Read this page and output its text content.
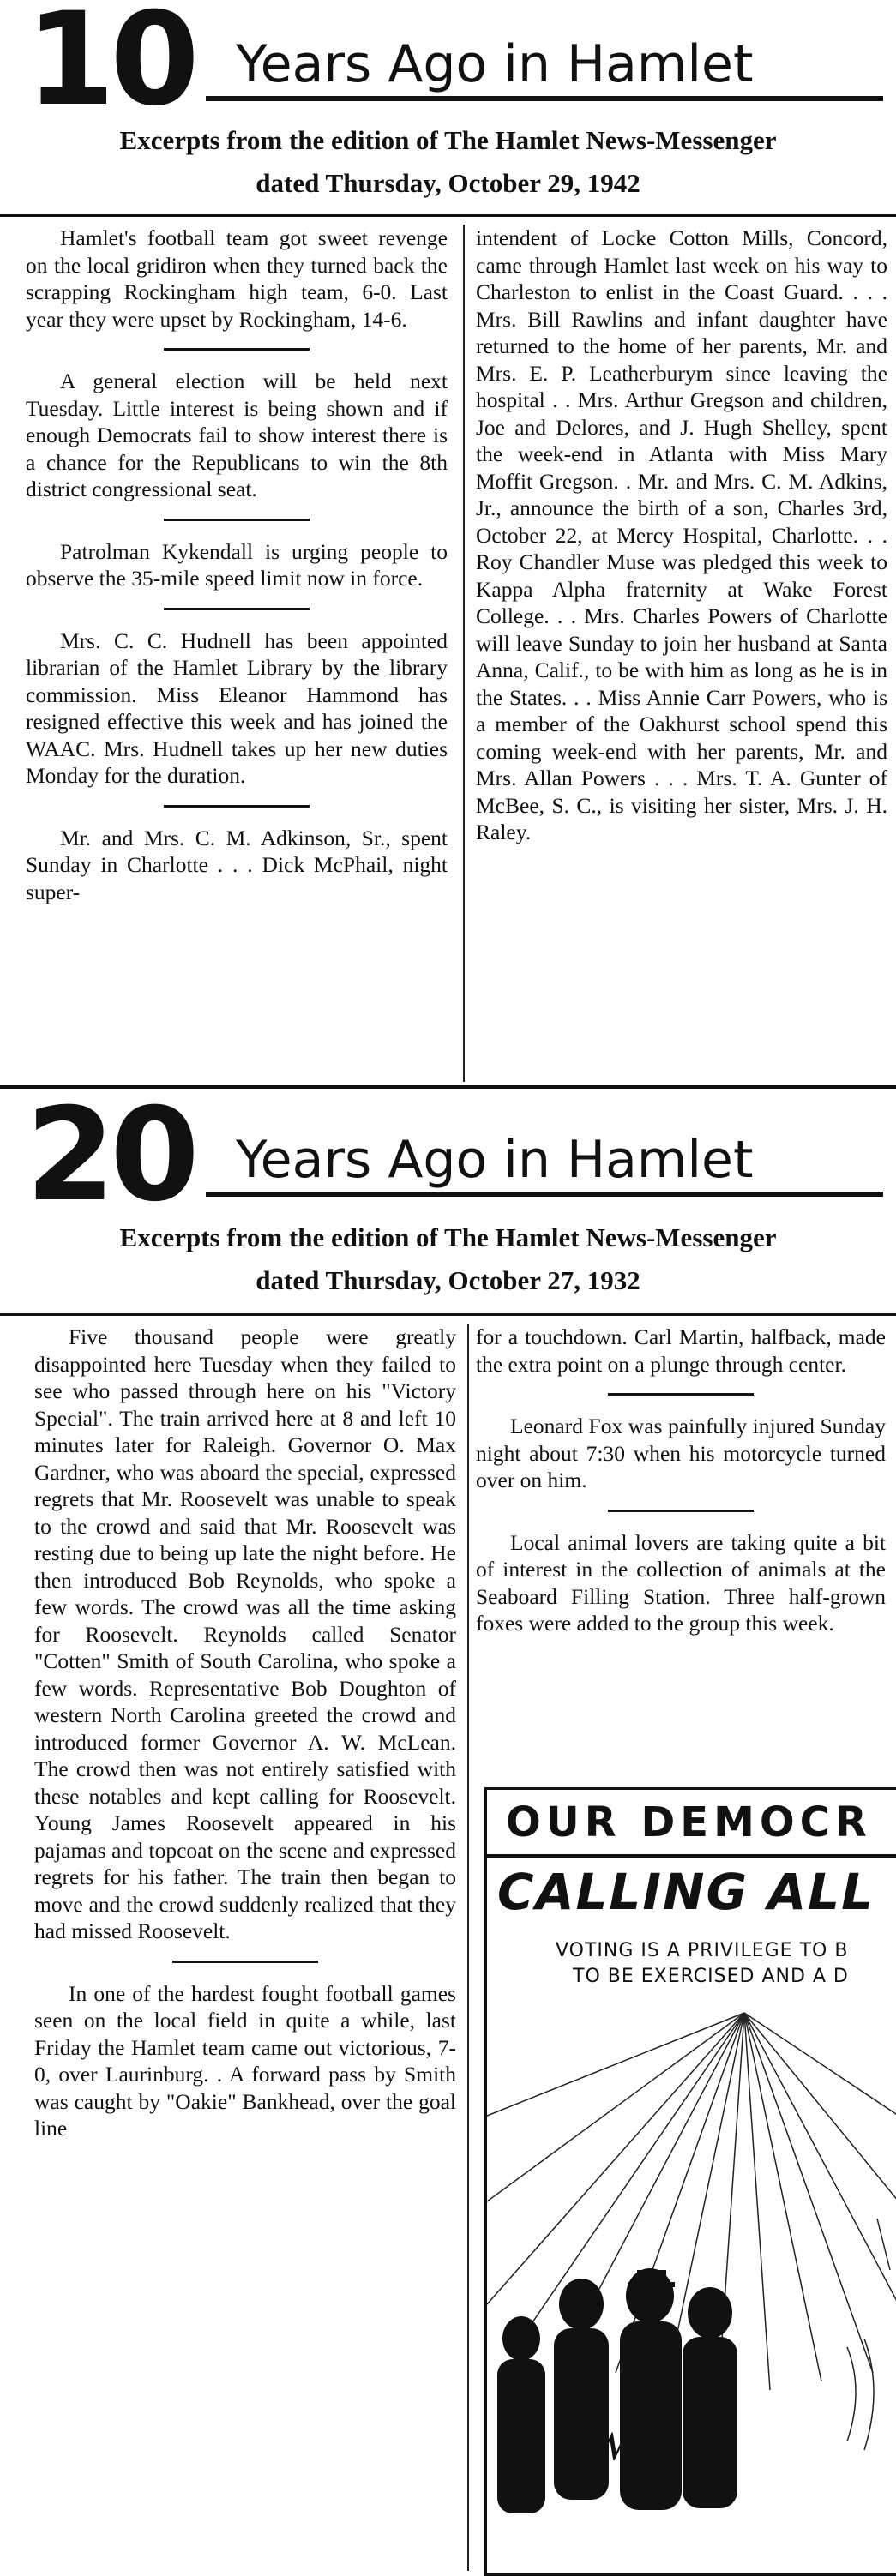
10 Years Ago in Hamlet
Excerpts from the edition of The Hamlet News-Messenger
dated Thursday, October 29, 1942

Hamlet's football team got sweet revenge on the local gridiron when they turned back the scrapping Rockingham high team, 6-0. Last year they were upset by Rockingham, 14-6.

A general election will be held next Tuesday. Little interest is being shown and if enough Democrats fail to show interest there is a chance for the Republicans to win the 8th district congressional seat.

Patrolman Kykendall is urging people to observe the 35-mile speed limit now in force.

Mrs. C. C. Hudnell has been appointed librarian of the Hamlet Library by the library commission. Miss Eleanor Hammond has resigned effective this week and has joined the WAAC. Mrs. Hudnell takes up her new duties Monday for the duration.

Mr. and Mrs. C. M. Adkinson, Sr., spent Sunday in Charlotte . . . Dick McPhail, night super-

intendent of Locke Cotton Mills, Concord, came through Hamlet last week on his way to Charleston to enlist in the Coast Guard. . . . Mrs. Bill Rawlins and infant daughter have returned to the home of her parents, Mr. and Mrs. E. P. Leatherburym since leaving the hospital . . Mrs. Arthur Gregson and children, Joe and Delores, and J. Hugh Shelley, spent the week-end in Atlanta with Miss Mary Moffit Gregson. . Mr. and Mrs. C. M. Adkins, Jr., announce the birth of a son, Charles 3rd, October 22, at Mercy Hospital, Charlotte. . . Roy Chandler Muse was pledged this week to Kappa Alpha fraternity at Wake Forest College. . . Mrs. Charles Powers of Charlotte will leave Sunday to join her husband at Santa Anna, Calif., to be with him as long as he is in the States. . . Miss Annie Carr Powers, who is a member of the Oakhurst school spend this coming week-end with her parents, Mr. and Mrs. Allan Powers . . . Mrs. T. A. Gunter of McBee, S. C., is visiting her sister, Mrs. J. H. Raley.

20 Years Ago in Hamlet
Excerpts from the edition of The Hamlet News-Messenger
dated Thursday, October 27, 1932

Five thousand people were greatly disappointed here Tuesday when they failed to see who passed through here on his "Victory Special". The train arrived here at 8 and left 10 minutes later for Raleigh. Governor O. Max Gardner, who was aboard the special, expressed regrets that Mr. Roosevelt was unable to speak to the crowd and said that Mr. Roosevelt was resting due to being up late the night before. He then introduced Bob Reynolds, who spoke a few words. The crowd was all the time asking for Roosevelt. Reynolds called Senator "Cotten" Smith of South Carolina, who spoke a few words. Representative Bob Doughton of western North Carolina greeted the crowd and introduced former Governor A. W. McLean. The crowd then was not entirely satisfied with these notables and kept calling for Roosevelt. Young James Roosevelt appeared in his pajamas and topcoat on the scene and expressed regrets for his father. The train then began to move and the crowd suddenly realized that they had missed Roosevelt.

In one of the hardest fought football games seen on the local field in quite a while, last Friday the Hamlet team came out victorious, 7-0, over Laurinburg. . A forward pass by Smith was caught by "Oakie" Bankhead, over the goal line

for a touchdown. Carl Martin, halfback, made the extra point on a plunge through center.

Leonard Fox was painfully injured Sunday night about 7:30 when his motorcycle turned over on him.

Local animal lovers are taking quite a bit of interest in the collection of animals at the Seaboard Filling Station. Three half-grown foxes were added to the group this week.

OUR DEMOCR
CALLING ALL
VOTING IS A PRIVILEGE TO B
TO BE EXERCISED AND A D
W
